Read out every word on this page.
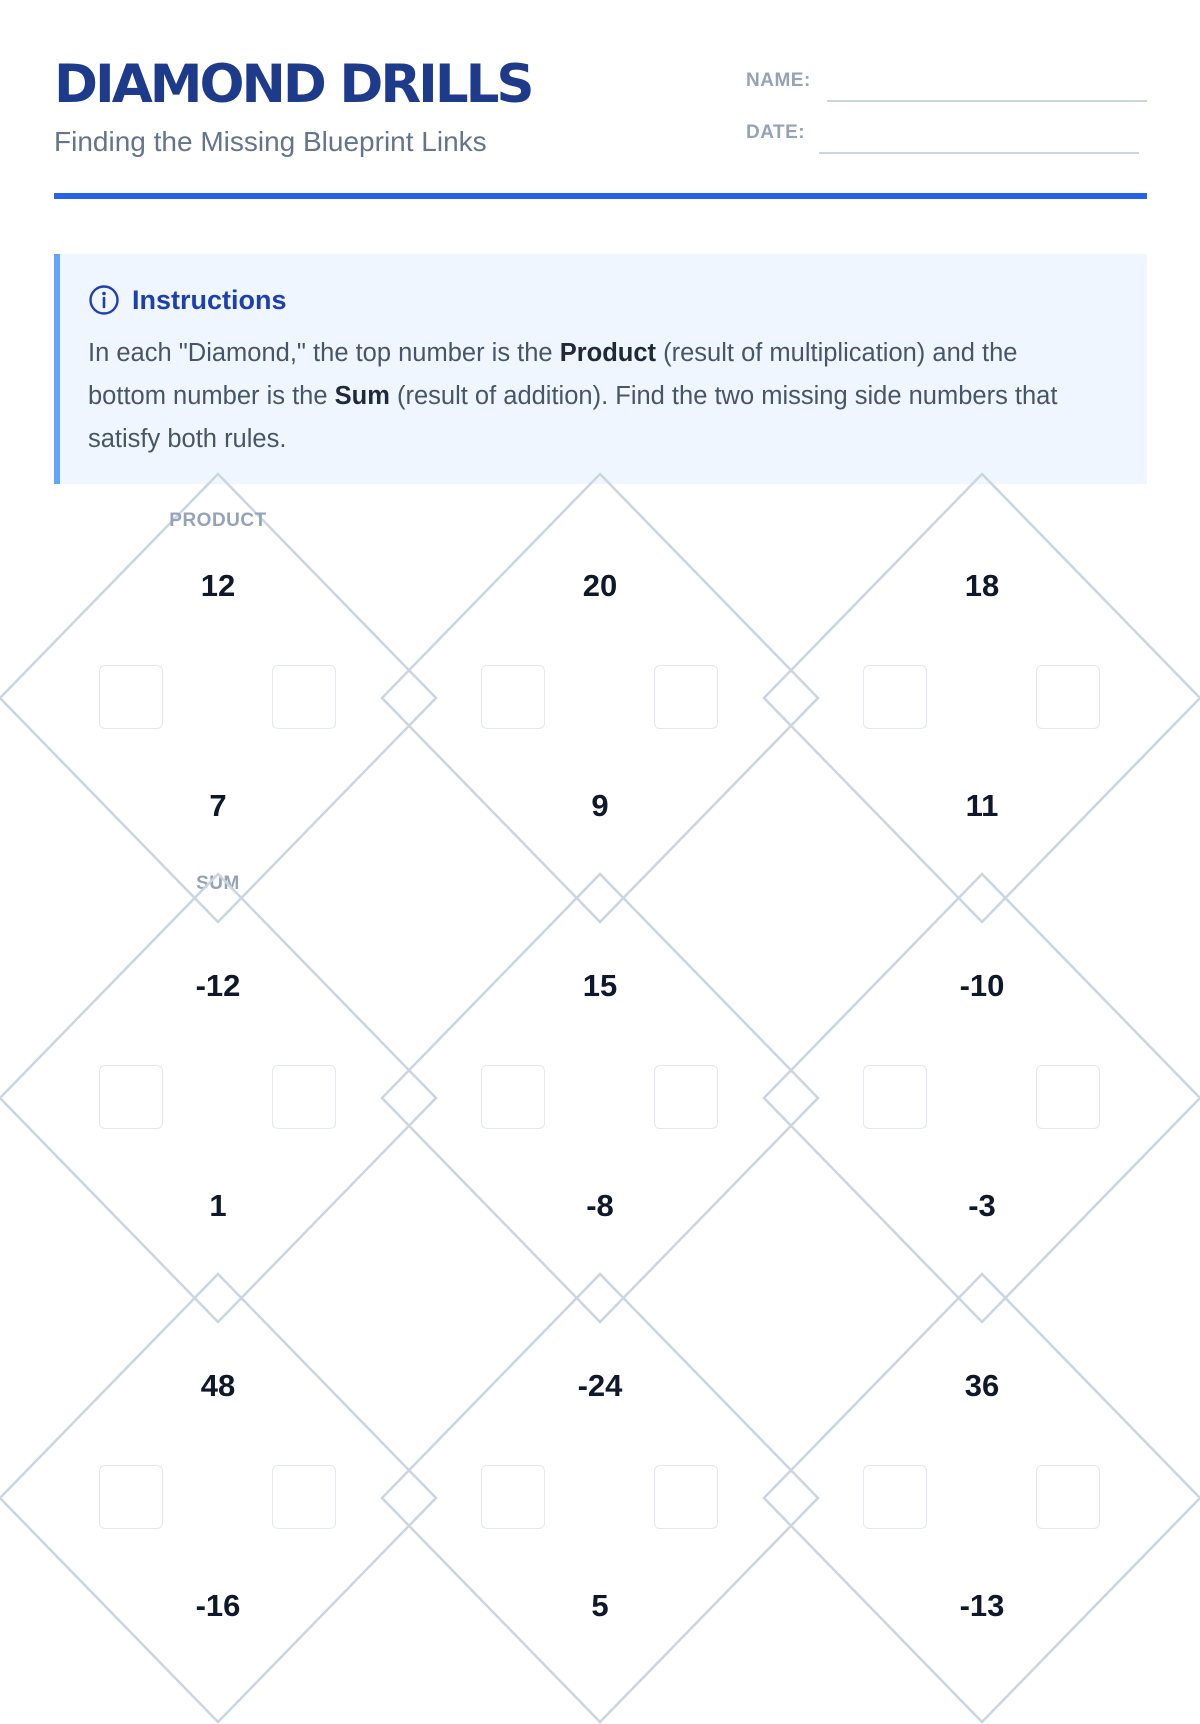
DIAMOND DRILLS
Finding the Missing Blueprint Links
NAME:
DATE:
Instructions

In each "Diamond," the top number is the Product (result of multiplication) and the bottom number is the Sum (result of addition). Find the two missing side numbers that satisfy both rules.

PRODUCT
SUM
12
7
20
9
18
11
-12
1
15
-8
-10
-3
48
-16
-24
5
36
-13
